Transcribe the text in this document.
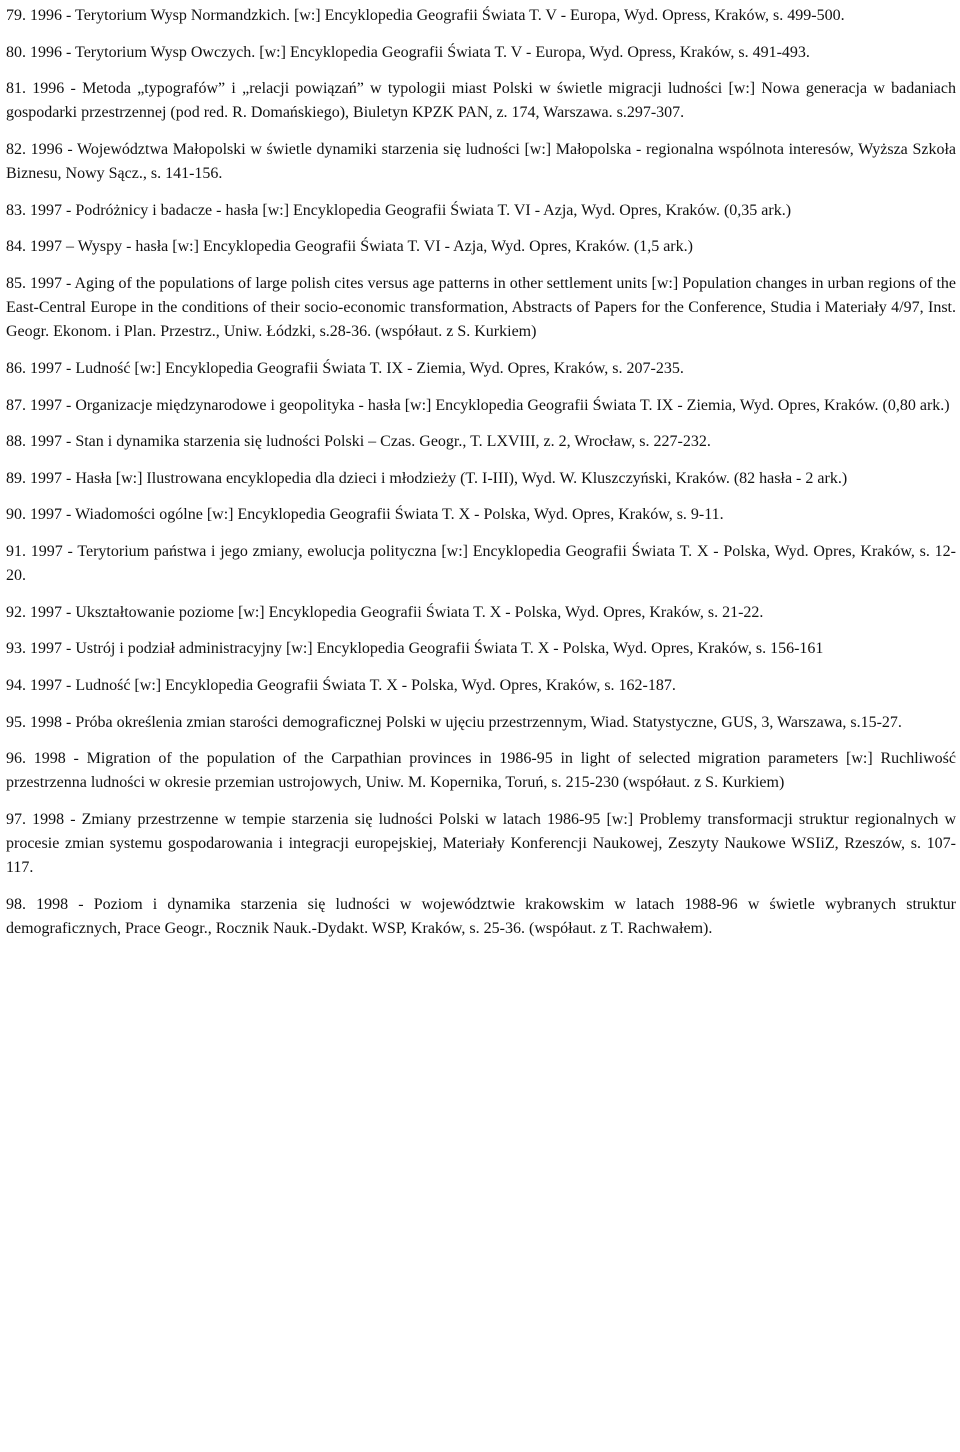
79. 1996 - Terytorium Wysp Normandzkich. [w:] Encyklopedia Geografii Świata T. V - Europa, Wyd. Opress, Kraków, s. 499-500.

80. 1996 - Terytorium Wysp Owczych. [w:] Encyklopedia Geografii Świata T. V - Europa, Wyd. Opress, Kraków, s. 491-493.

81. 1996 - Metoda „typografów” i „relacji powiązań” w typologii miast Polski w świetle migracji ludności [w:] Nowa generacja w badaniach gospodarki przestrzennej (pod red. R. Domańskiego), Biuletyn KPZK PAN, z. 174, Warszawa. s.297-307.

82. 1996 - Województwa Małopolski w świetle dynamiki starzenia się ludności [w:] Małopolska - regionalna wspólnota interesów, Wyższa Szkoła Biznesu, Nowy Sącz., s. 141-156.

83. 1997 - Podróżnicy i badacze - hasła [w:] Encyklopedia Geografii Świata T. VI - Azja, Wyd. Opres, Kraków. (0,35 ark.)

84. 1997 – Wyspy - hasła [w:] Encyklopedia Geografii Świata T. VI - Azja, Wyd. Opres, Kraków. (1,5 ark.)

85. 1997 - Aging of the populations of large polish cites versus age patterns in other settlement units [w:] Population changes in urban regions of the East-Central Europe in the conditions of their socio-economic transformation, Abstracts of Papers for the Conference, Studia i Materiały 4/97, Inst. Geogr. Ekonom. i Plan. Przestrz., Uniw. Łódzki, s.28-36. (współaut. z S. Kurkiem)

86. 1997 - Ludność [w:] Encyklopedia Geografii Świata T. IX - Ziemia, Wyd. Opres, Kraków, s. 207-235.

87. 1997 - Organizacje międzynarodowe i geopolityka - hasła [w:] Encyklopedia Geografii Świata T. IX - Ziemia, Wyd. Opres, Kraków. (0,80 ark.)

88. 1997 - Stan i dynamika starzenia się ludności Polski – Czas. Geogr., T. LXVIII, z. 2, Wrocław, s. 227-232.

89. 1997 - Hasła [w:] Ilustrowana encyklopedia dla dzieci i młodzieży (T. I-III), Wyd. W. Kluszczyński, Kraków. (82 hasła - 2 ark.)

90. 1997 - Wiadomości ogólne [w:] Encyklopedia Geografii Świata T. X - Polska, Wyd. Opres, Kraków, s. 9-11.

91. 1997 - Terytorium państwa i jego zmiany, ewolucja polityczna [w:] Encyklopedia Geografii Świata T. X - Polska, Wyd. Opres, Kraków, s. 12-20.

92. 1997 - Ukształtowanie poziome [w:] Encyklopedia Geografii Świata T. X - Polska, Wyd. Opres, Kraków, s. 21-22.

93. 1997 - Ustrój i podział administracyjny [w:] Encyklopedia Geografii Świata T. X - Polska, Wyd. Opres, Kraków, s. 156-161

94. 1997 - Ludność [w:] Encyklopedia Geografii Świata T. X - Polska, Wyd. Opres, Kraków, s. 162-187.

95. 1998 - Próba określenia zmian starości demograficznej Polski w ujęciu przestrzennym, Wiad. Statystyczne, GUS, 3, Warszawa, s.15-27.

96. 1998 - Migration of the population of the Carpathian provinces in 1986-95 in light of selected migration parameters [w:] Ruchliwość przestrzenna ludności w okresie przemian ustrojowych, Uniw. M. Kopernika, Toruń, s. 215-230 (współaut. z S. Kurkiem)

97. 1998 - Zmiany przestrzenne w tempie starzenia się ludności Polski w latach 1986-95 [w:] Problemy transformacji struktur regionalnych w procesie zmian systemu gospodarowania i integracji europejskiej, Materiały Konferencji Naukowej, Zeszyty Naukowe WSIiZ, Rzeszów, s. 107-117.

98. 1998 - Poziom i dynamika starzenia się ludności w województwie krakowskim w latach 1988-96 w świetle wybranych struktur demograficznych, Prace Geogr., Rocznik Nauk.-Dydakt. WSP, Kraków, s. 25-36. (współaut. z T. Rachwałem).
